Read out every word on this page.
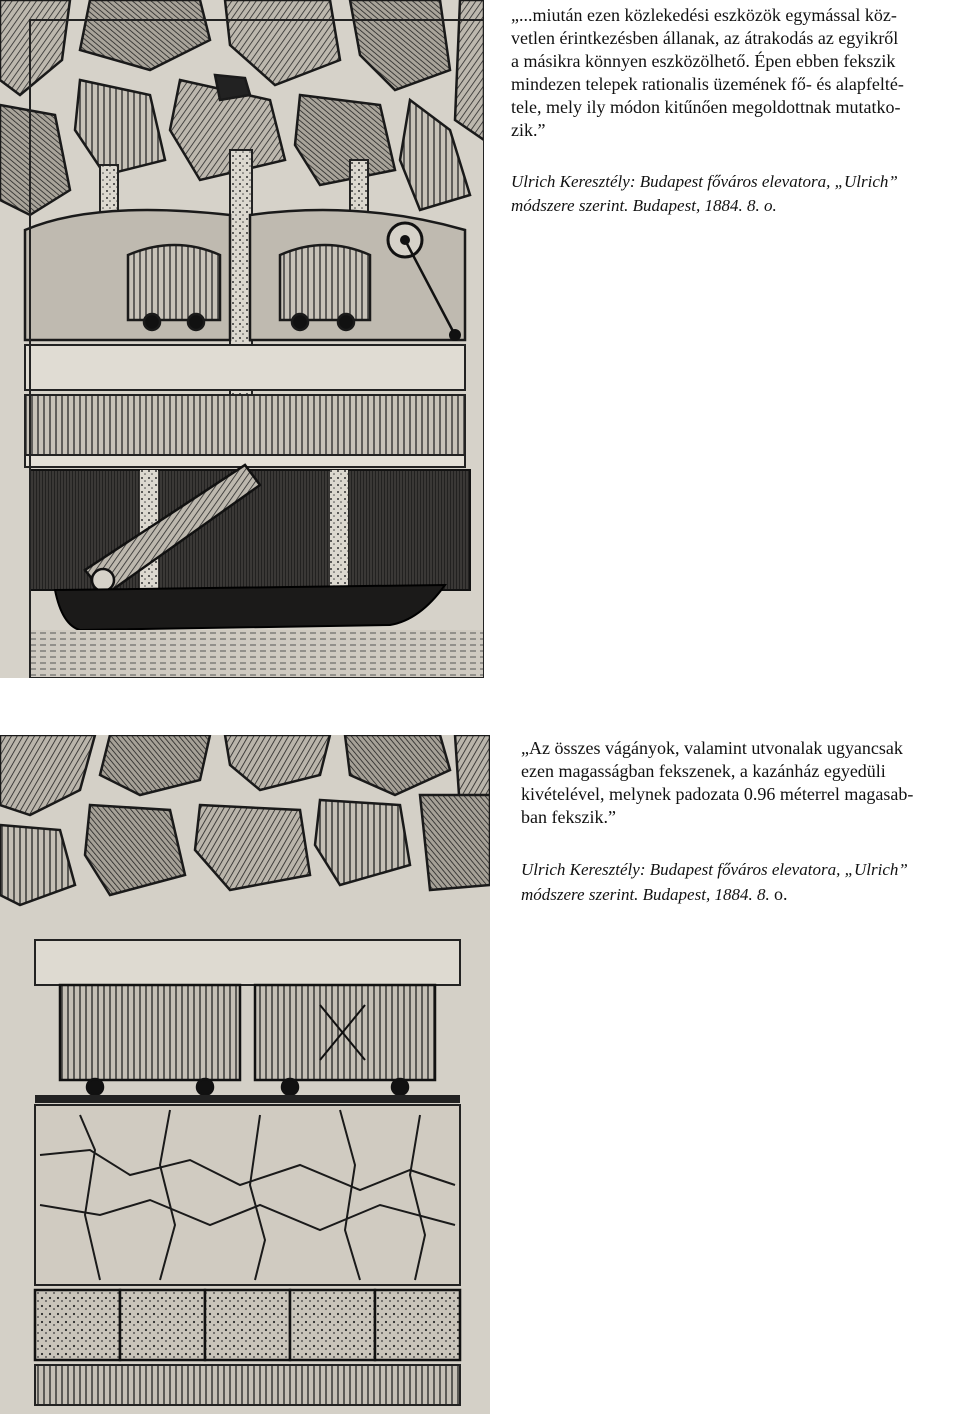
„...miután ezen közlekedési eszközök egymással köz-
vetlen érintkezésben állanak, az átrakodás az egyikről
a másikra könnyen eszközölhető. Épen ebben fekszik
mindezen telepek rationalis üzemének fő- és alapfelté-
tele, mely ily módon kitűnően megoldottnak mutatko-
zik.”

Ulrich Keresztély: Budapest főváros elevatora, „Ulrich”
módszere szerint. Budapest, 1884. 8. o.

„Az összes vágányok, valamint utvonalak ugyancsak
ezen magasságban fekszenek, a kazánház egyedüli
kivételével, melynek padozata 0.96 méterrel magasab-
ban fekszik.”

Ulrich Keresztély: Budapest főváros elevatora, „Ulrich”
módszere szerint. Budapest, 1884. 8. o.
